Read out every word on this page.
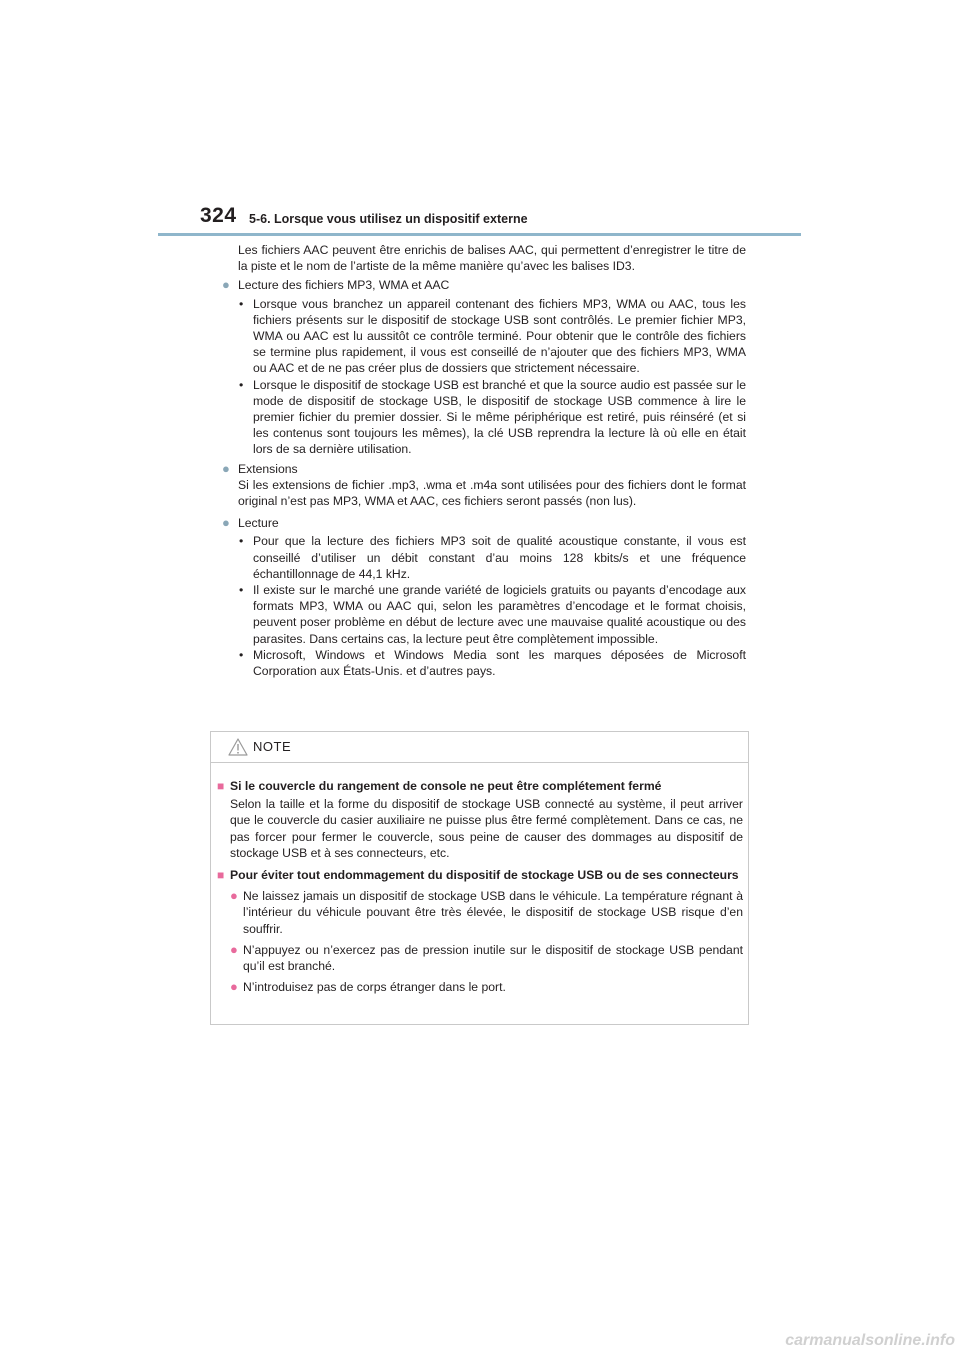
324 5-6. Lorsque vous utilisez un dispositif externe

Les fichiers AAC peuvent être enrichis de balises AAC, qui permettent d’enregistrer le titre de la piste et le nom de l’artiste de la même manière qu’avec les balises ID3.

● Lecture des fichiers MP3, WMA et AAC
• Lorsque vous branchez un appareil contenant des fichiers MP3, WMA ou AAC, tous les fichiers présents sur le dispositif de stockage USB sont contrôlés. Le premier fichier MP3, WMA ou AAC est lu aussitôt ce contrôle terminé. Pour obtenir que le contrôle des fichiers se termine plus rapidement, il vous est conseillé de n’ajouter que des fichiers MP3, WMA ou AAC et de ne pas créer plus de dossiers que strictement nécessaire.
• Lorsque le dispositif de stockage USB est branché et que la source audio est passée sur le mode de dispositif de stockage USB, le dispositif de stockage USB commence à lire le premier fichier du premier dossier. Si le même périphérique est retiré, puis réinséré (et si les contenus sont toujours les mêmes), la clé USB reprendra la lecture là où elle en était lors de sa dernière utilisation.
● Extensions

Si les extensions de fichier .mp3, .wma et .m4a sont utilisées pour des fichiers dont le format original n’est pas MP3, WMA et AAC, ces fichiers seront passés (non lus).

● Lecture
• Pour que la lecture des fichiers MP3 soit de qualité acoustique constante, il vous est conseillé d’utiliser un débit constant d’au moins 128 kbits/s et une fréquence échantillonnage de 44,1 kHz.
• Il existe sur le marché une grande variété de logiciels gratuits ou payants d’encodage aux formats MP3, WMA ou AAC qui, selon les paramètres d’encodage et le format choisis, peuvent poser problème en début de lecture avec une mauvaise qualité acoustique ou des parasites. Dans certains cas, la lecture peut être complètement impossible.
• Microsoft, Windows et Windows Media sont les marques déposées de Microsoft Corporation aux États-Unis. et d’autres pays.
NOTE
■ Si le couvercle du rangement de console ne peut être complétement fermé

Selon la taille et la forme du dispositif de stockage USB connecté au système, il peut arriver que le couvercle du casier auxiliaire ne puisse plus être fermé complètement. Dans ce cas, ne pas forcer pour fermer le couvercle, sous peine de causer des dommages au dispositif de stockage USB et à ses connecteurs, etc.

■ Pour éviter tout endommagement du dispositif de stockage USB ou de ses connecteurs
● Ne laissez jamais un dispositif de stockage USB dans le véhicule. La température régnant à l’intérieur du véhicule pouvant être très élevée, le dispositif de stockage USB risque d’en souffrir.
● N’appuyez ou n’exercez pas de pression inutile sur le dispositif de stockage USB pendant qu’il est branché.
● N’introduisez pas de corps étranger dans le port.
carmanualsonline.info
